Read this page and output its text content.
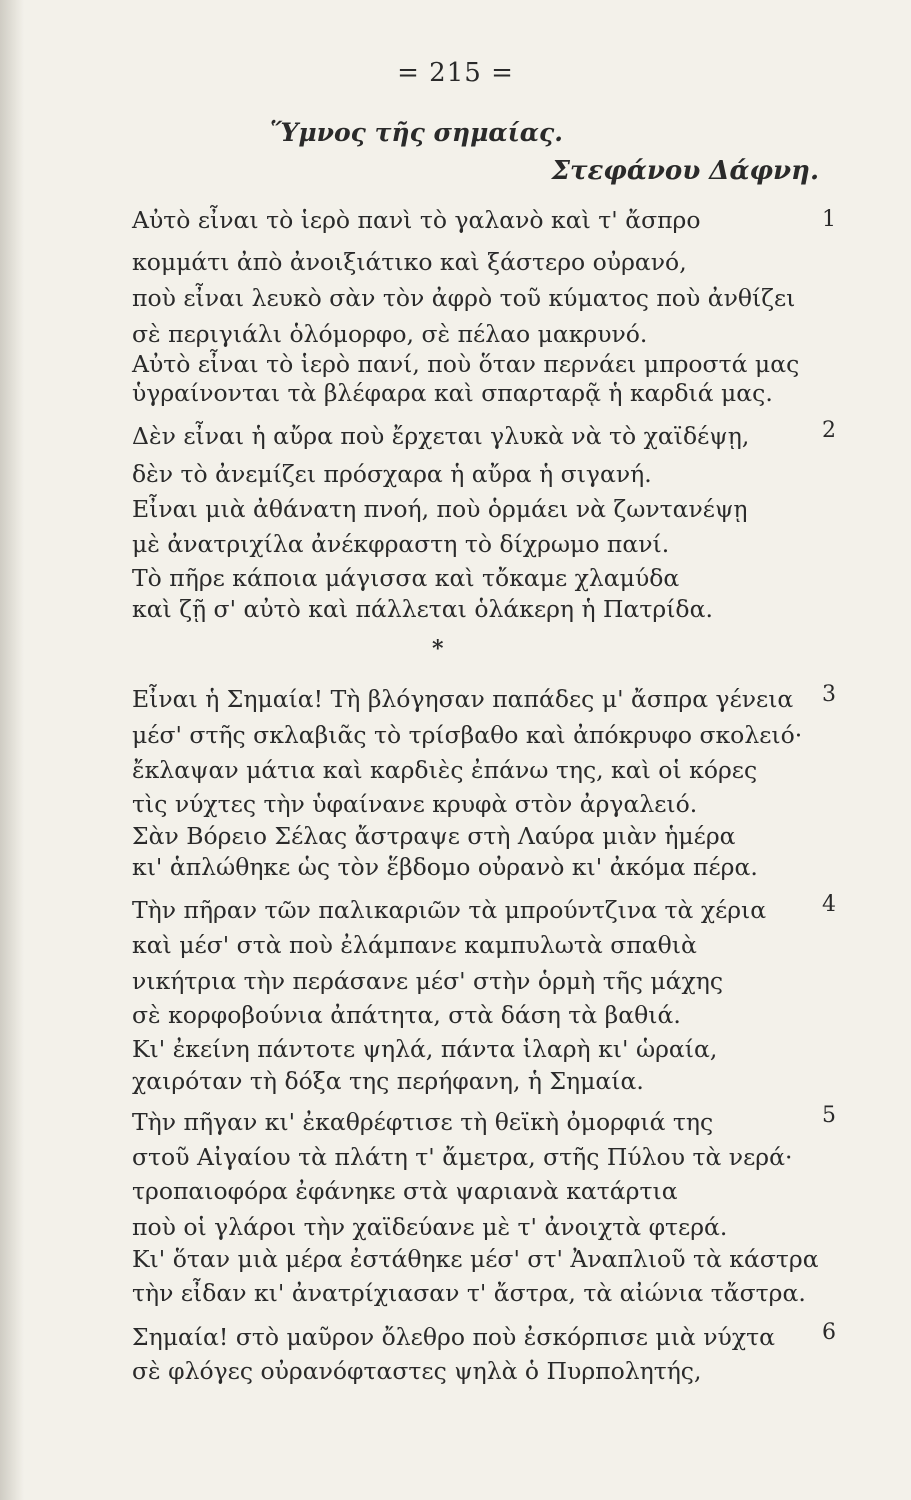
= 215 =
Ὕμνος τῆς σημαίας.
Στεφάνου Δάφνη.
1
Αὐτὸ εἶναι τὸ ἱερὸ πανὶ τὸ γαλανὸ καὶ τ' ἄσπρο
κομμάτι ἀπὸ ἀνοιξιάτικο καὶ ξάστερο οὐρανό,
ποὺ εἶναι λευκὸ σὰν τὸν ἀφρὸ τοῦ κύματος ποὺ ἀνθίζει
σὲ περιγιάλι ὁλόμορφο, σὲ πέλαο μακρυνό.
Αὐτὸ εἶναι τὸ ἱερὸ πανί, ποὺ ὅταν περνάει μπροστά μας
ὑγραίνονται τὰ βλέφαρα καὶ σπαρταρᾷ ἡ καρδιά μας.
2
Δὲν εἶναι ἡ αὔρα ποὺ ἔρχεται γλυκὰ νὰ τὸ χαϊδέψῃ,
δὲν τὸ ἀνεμίζει πρόσχαρα ἡ αὔρα ἡ σιγανή.
Εἶναι μιὰ ἀθάνατη πνοή, ποὺ ὁρμάει νὰ ζωντανέψῃ
μὲ ἀνατριχίλα ἀνέκφραστη τὸ δίχρωμο πανί.
Τὸ πῆρε κάποια μάγισσα καὶ τὄκαμε χλαμύδα
καὶ ζῇ σ' αὐτὸ καὶ πάλλεται ὁλάκερη ἡ Πατρίδα.
*
3
Εἶναι ἡ Σημαία! Τὴ βλόγησαν παπάδες μ' ἄσπρα γένεια
μέσ' στῆς σκλαβιᾶς τὸ τρίσβαθο καὶ ἀπόκρυφο σκολειό·
ἔκλαψαν μάτια καὶ καρδιὲς ἐπάνω της, καὶ οἱ κόρες
τὶς νύχτες τὴν ὑφαίνανε κρυφὰ στὸν ἀργαλειό.
Σὰν Βόρειο Σέλας ἄστραψε στὴ Λαύρα μιὰν ἡμέρα
κι' ἁπλώθηκε ὡς τὸν ἕβδομο οὐρανὸ κι' ἀκόμα πέρα.
4
Τὴν πῆραν τῶν παλικαριῶν τὰ μπρούντζινα τὰ χέρια
καὶ μέσ' στὰ ποὺ ἐλάμπανε καμπυλωτὰ σπαθιὰ
νικήτρια τὴν περάσανε μέσ' στὴν ὁρμὴ τῆς μάχης
σὲ κορφοβούνια ἀπάτητα, στὰ δάση τὰ βαθιά.
Κι' ἐκείνη πάντοτε ψηλά, πάντα ἱλαρὴ κι' ὡραία,
χαιρόταν τὴ δόξα της περήφανη, ἡ Σημαία.
5
Τὴν πῆγαν κι' ἐκαθρέφτισε τὴ θεϊκὴ ὀμορφιά της
στοῦ Αἰγαίου τὰ πλάτη τ' ἄμετρα, στῆς Πύλου τὰ νερά·
τροπαιοφόρα ἐφάνηκε στὰ ψαριανὰ κατάρτια
ποὺ οἱ γλάροι τὴν χαϊδεύανε μὲ τ' ἀνοιχτὰ φτερά.
Κι' ὅταν μιὰ μέρα ἐστάθηκε μέσ' στ' Ἀναπλιοῦ τὰ κάστρα
τὴν εἶδαν κι' ἀνατρίχιασαν τ' ἄστρα, τὰ αἰώνια τἄστρα.
6
Σημαία! στὸ μαῦρον ὄλεθρο ποὺ ἐσκόρπισε μιὰ νύχτα
σὲ φλόγες οὐρανόφταστες ψηλὰ ὁ Πυρπολητής,
